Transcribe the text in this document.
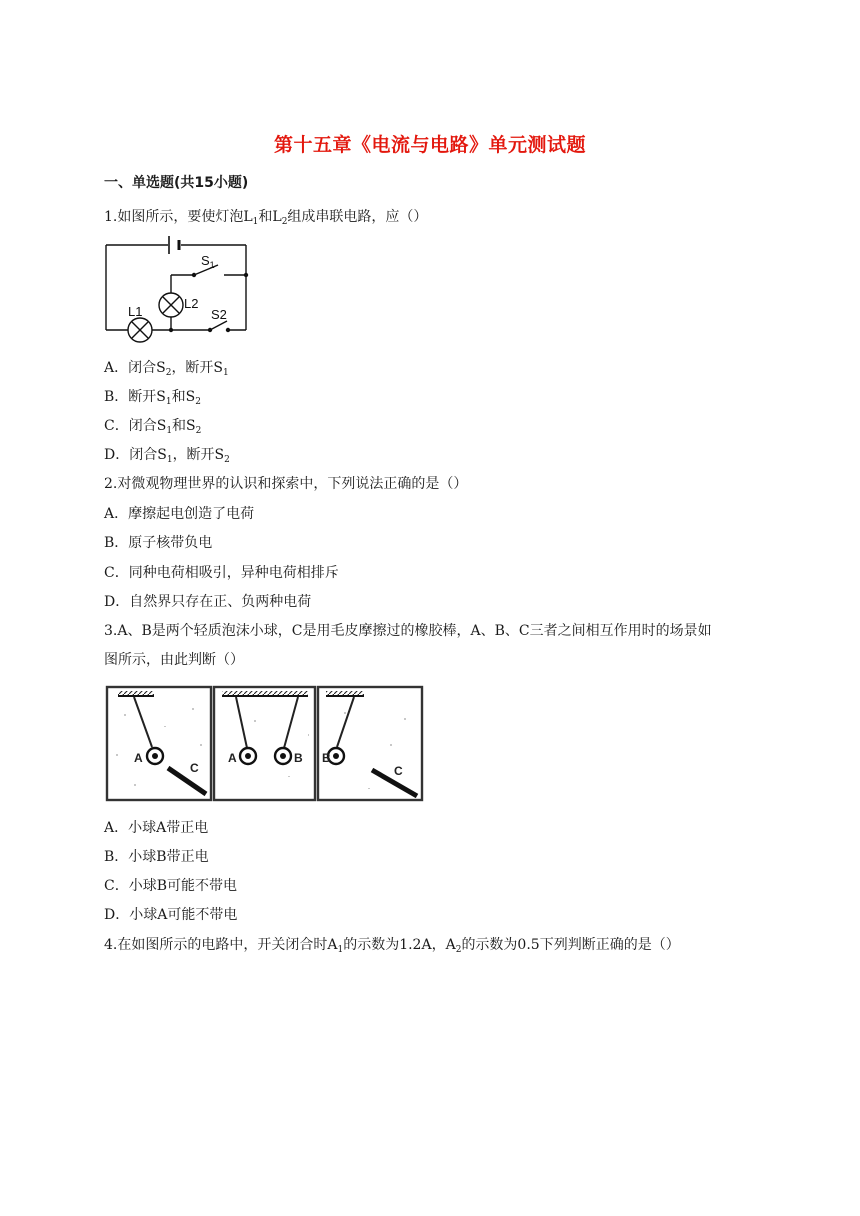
第十五章《电流与电路》单元测试题
一、单选题(共15小题)
1.如图所示，要使灯泡$L_1$和$L_2$组成串联电路，应（）
$S_1$
L1
L2
S2
A．闭合$S_2$，断开$S_1$
B．断开$S_1$和$S_2$
C．闭合$S_1$和$S_2$
D．闭合$S_1$，断开$S_2$
2.对微观物理世界的认识和探索中，下列说法正确的是（）
A．摩擦起电创造了电荷
B．原子核带负电
C．同种电荷相吸引，异种电荷相排斥
D．自然界只存在正、负两种电荷
3.A、B是两个轻质泡沫小球，C是用毛皮摩擦过的橡胶棒，A、B、C三者之间相互作用时的场景如
图所示，由此判断（）
A
C
A	B B
C
A．小球A带正电
B．小球B带正电
C．小球B可能不带电
D．小球A可能不带电
4.在如图所示的电路中，开关闭合时$A_1$的示数为1.2A，$A_2$的示数为0.5下列判断正确的是（）
